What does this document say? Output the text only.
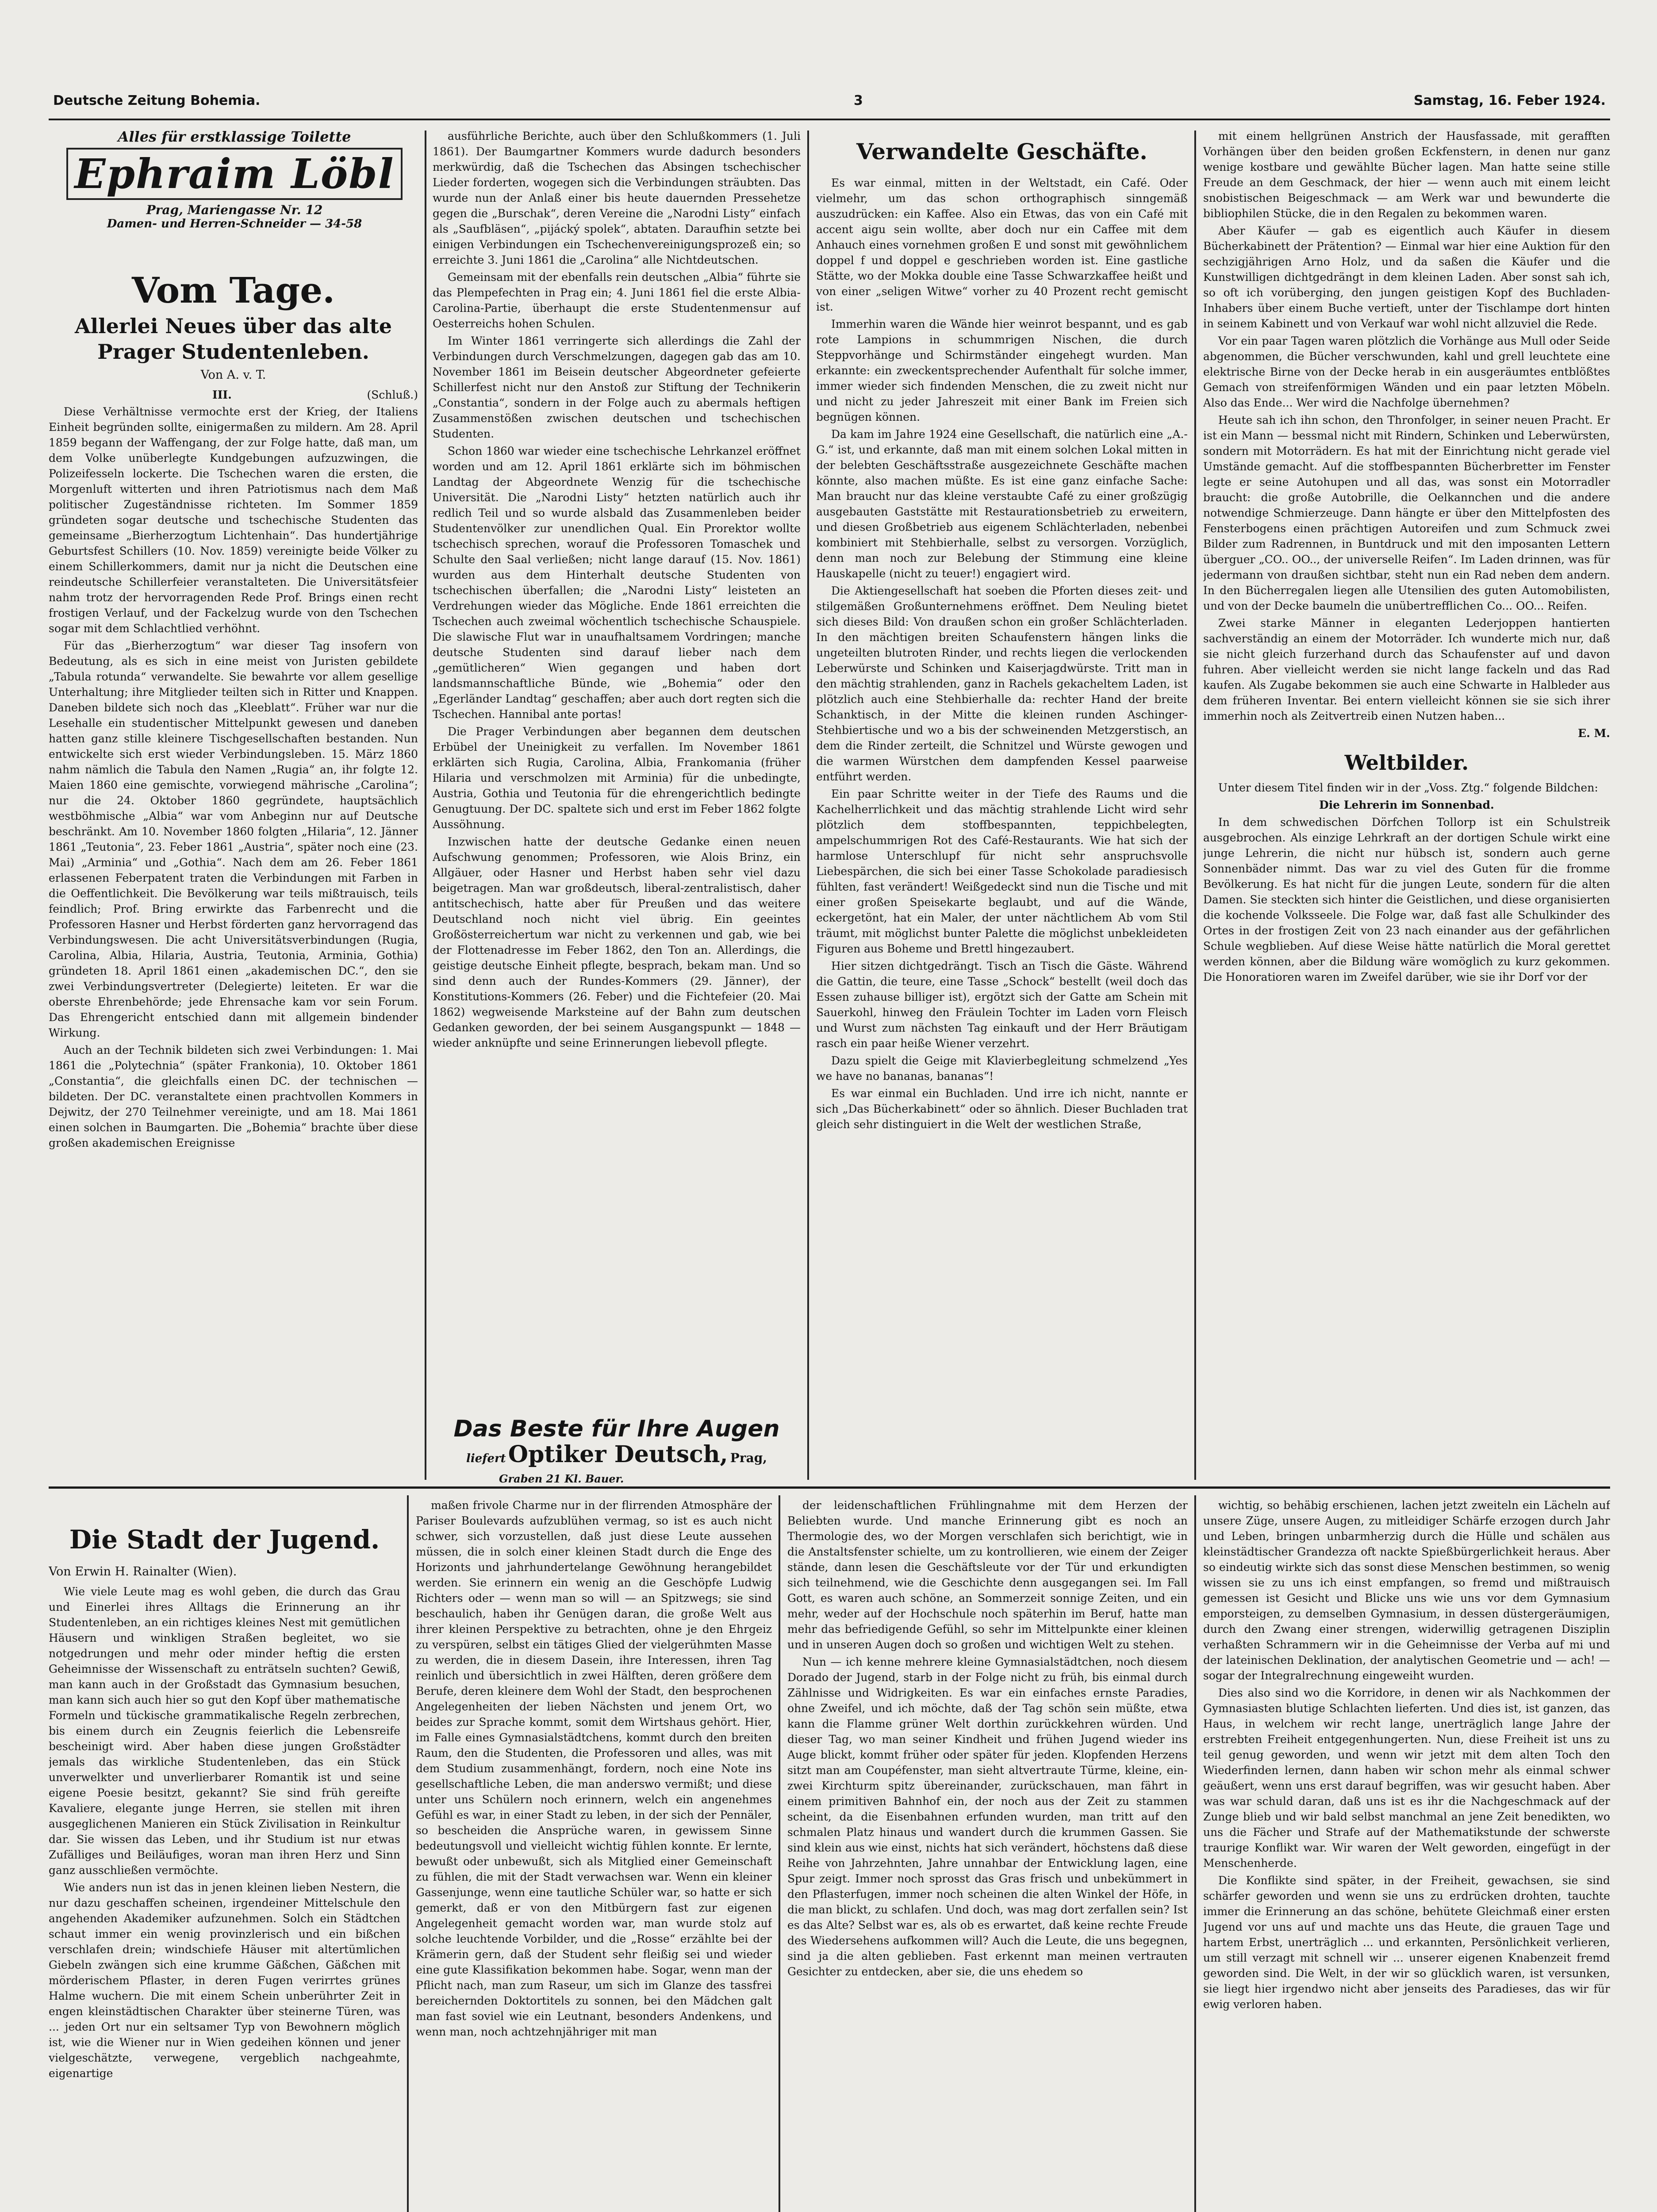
Deutsche Zeitung Bohemia.	3	Samstag, 16. Feber 1924.
Alles für erstklassige Toilette
Ephraim Löbl
Prag, Mariengasse Nr. 12
Damen- und Herren-Schneider — 34-58
Vom Tage.
Allerlei Neues über das alte Prager Studentenleben.
Von A. v. T.
III.	(Schluß.)

Diese Verhältnisse vermochte erst der Krieg, der Italiens Einheit begründen sollte, einigermaßen zu mildern. Am 28. April 1859 begann der Waffengang, der zur Folge hatte, daß man, um dem Volke unüberlegte Kundgebungen aufzuzwingen, die Polizeifesseln lockerte. Die Tschechen waren die ersten, die Morgenluft witterten und ihren Patriotismus nach dem Maß politischer Zugeständnisse richteten. Im Sommer 1859 gründeten sogar deutsche und tschechische Studenten das gemeinsame „Bierherzogtum Lichtenhain“. Das hundertjährige Geburtsfest Schillers (10. Nov. 1859) vereinigte beide Völker zu einem Schillerkommers, damit nur ja nicht die Deutschen eine reindeutsche Schillerfeier veranstalteten. Die Universitätsfeier nahm trotz der hervorragenden Rede Prof. Brings einen recht frostigen Verlauf, und der Fackelzug wurde von den Tschechen sogar mit dem Schlachtlied verhöhnt.

Für das „Bierherzogtum“ war dieser Tag insofern von Bedeutung, als es sich in eine meist von Juristen gebildete „Tabula rotunda“ verwandelte. Sie bewahrte vor allem gesellige Unterhaltung; ihre Mitglieder teilten sich in Ritter und Knappen. Daneben bildete sich noch das „Kleeblatt“. Früher war nur die Lesehalle ein studentischer Mittelpunkt gewesen und daneben hatten ganz stille kleinere Tischgesellschaften bestanden. Nun entwickelte sich erst wieder Verbindungsleben. 15. März 1860 nahm nämlich die Tabula den Namen „Rugia“ an, ihr folgte 12. Maien 1860 eine gemischte, vorwiegend mährische „Carolina“; nur die 24. Oktober 1860 gegründete, hauptsächlich westböhmische „Albia“ war vom Anbeginn nur auf Deutsche beschränkt. Am 10. November 1860 folgten „Hilaria“, 12. Jänner 1861 „Teutonia“, 23. Feber 1861 „Austria“, später noch eine (23. Mai) „Arminia“ und „Gothia“. Nach dem am 26. Feber 1861 erlassenen Feberpatent traten die Verbindungen mit Farben in die Oeffentlichkeit. Die Bevölkerung war teils mißtrauisch, teils feindlich; Prof. Bring erwirkte das Farbenrecht und die Professoren Hasner und Herbst förderten ganz hervorragend das Verbindungswesen. Die acht Universitätsverbindungen (Rugia, Carolina, Albia, Hilaria, Austria, Teutonia, Arminia, Gothia) gründeten 18. April 1861 einen „akademischen DC.“, den sie zwei Verbindungsvertreter (Delegierte) leiteten. Er war die oberste Ehrenbehörde; jede Ehrensache kam vor sein Forum. Das Ehrengericht entschied dann mit allgemein bindender Wirkung.

Auch an der Technik bildeten sich zwei Verbindungen: 1. Mai 1861 die „Polytechnia“ (später Frankonia), 10. Oktober 1861 „Constantia“, die gleichfalls einen DC. der technischen — bildeten. Der DC. veranstaltete einen prachtvollen Kommers in Dejwitz, der 270 Teilnehmer vereinigte, und am 18. Mai 1861 einen solchen in Baumgarten. Die „Bohemia“ brachte über diese großen akademischen Ereignisse

ausführliche Berichte, auch über den Schlußkommers (1. Juli 1861). Der Baumgartner Kommers wurde dadurch besonders merkwürdig, daß die Tschechen das Absingen tschechischer Lieder forderten, wogegen sich die Verbindungen sträubten. Das wurde nun der Anlaß einer bis heute dauernden Pressehetze gegen die „Burschak“, deren Vereine die „Narodni Listy“ einfach als „Saufbläsen“, „pijácký spolek“, abtaten. Daraufhin setzte bei einigen Verbindungen ein Tschechenvereinigungsprozeß ein; so erreichte 3. Juni 1861 die „Carolina“ alle Nichtdeutschen.

Gemeinsam mit der ebenfalls rein deutschen „Albia“ führte sie das Plempefechten in Prag ein; 4. Juni 1861 fiel die erste Albia-Carolina-Partie, überhaupt die erste Studentenmensur auf Oesterreichs hohen Schulen.

Im Winter 1861 verringerte sich allerdings die Zahl der Verbindungen durch Verschmelzungen, dagegen gab das am 10. November 1861 im Beisein deutscher Abgeordneter gefeierte Schillerfest nicht nur den Anstoß zur Stiftung der Technikerin „Constantia“, sondern in der Folge auch zu abermals heftigen Zusammenstößen zwischen deutschen und tschechischen Studenten.

Schon 1860 war wieder eine tschechische Lehrkanzel eröffnet worden und am 12. April 1861 erklärte sich im böhmischen Landtag der Abgeordnete Wenzig für die tschechische Universität. Die „Narodni Listy“ hetzten natürlich auch ihr redlich Teil und so wurde alsbald das Zusammenleben beider Studentenvölker zur unendlichen Qual. Ein Prorektor wollte tschechisch sprechen, worauf die Professoren Tomaschek und Schulte den Saal verließen; nicht lange darauf (15. Nov. 1861) wurden aus dem Hinterhalt deutsche Studenten von tschechischen überfallen; die „Narodni Listy“ leisteten an Verdrehungen wieder das Mögliche. Ende 1861 erreichten die Tschechen auch zweimal wöchentlich tschechische Schauspiele. Die slawische Flut war in unaufhaltsamem Vordringen; manche deutsche Studenten sind darauf lieber nach dem „gemütlicheren“ Wien gegangen und haben dort landsmannschaftliche Bünde, wie „Bohemia“ oder den „Egerländer Landtag“ geschaffen; aber auch dort regten sich die Tschechen. Hannibal ante portas!

Die Prager Verbindungen aber begannen dem deutschen Erbübel der Uneinigkeit zu verfallen. Im November 1861 erklärten sich Rugia, Carolina, Albia, Frankomania (früher Hilaria und verschmolzen mit Arminia) für die unbedingte, Austria, Gothia und Teutonia für die ehrengerichtlich bedingte Genugtuung. Der DC. spaltete sich und erst im Feber 1862 folgte Aussöhnung.

Inzwischen hatte der deutsche Gedanke einen neuen Aufschwung genommen; Professoren, wie Alois Brinz, ein Allgäuer, oder Hasner und Herbst haben sehr viel dazu beigetragen. Man war großdeutsch, liberal-zentralistisch, daher antitschechisch, hatte aber für Preußen und das weitere Deutschland noch nicht viel übrig. Ein geeintes Großösterreichertum war nicht zu verkennen und gab, wie bei der Flottenadresse im Feber 1862, den Ton an. Allerdings, die geistige deutsche Einheit pflegte, besprach, bekam man. Und so sind denn auch der Rundes-Kommers (29. Jänner), der Konstitutions-Kommers (26. Feber) und die Fichtefeier (20. Mai 1862) wegweisende Marksteine auf der Bahn zum deutschen Gedanken geworden, der bei seinem Ausgangspunkt — 1848 — wieder anknüpfte und seine Erinnerungen liebevoll pflegte.

Das Beste für Ihre Augen
liefert Optiker Deutsch, Prag,
Graben 21 Kl. Bauer.
Verwandelte Geschäfte.

Es war einmal, mitten in der Weltstadt, ein Café. Oder vielmehr, um das schon orthographisch sinngemäß auszudrücken: ein Kaffee. Also ein Etwas, das von ein Café mit accent aigu sein wollte, aber doch nur ein Caffee mit dem Anhauch eines vornehmen großen E und sonst mit gewöhnlichem doppel f und doppel e geschrieben worden ist. Eine gastliche Stätte, wo der Mokka double eine Tasse Schwarzkaffee heißt und von einer „seligen Witwe“ vorher zu 40 Prozent recht gemischt ist.

Immerhin waren die Wände hier weinrot bespannt, und es gab rote Lampions in schummrigen Nischen, die durch Steppvorhänge und Schirmständer eingehegt wurden. Man erkannte: ein zweckentsprechender Aufenthalt für solche immer, immer wieder sich findenden Menschen, die zu zweit nicht nur und nicht zu jeder Jahreszeit mit einer Bank im Freien sich begnügen können.

Da kam im Jahre 1924 eine Gesellschaft, die natürlich eine „A.-G.“ ist, und erkannte, daß man mit einem solchen Lokal mitten in der belebten Geschäftsstraße ausgezeichnete Geschäfte machen könnte, also machen müßte. Es ist eine ganz einfache Sache: Man braucht nur das kleine verstaubte Café zu einer großzügig ausgebauten Gaststätte mit Restaurationsbetrieb zu erweitern, und diesen Großbetrieb aus eigenem Schlächterladen, nebenbei kombiniert mit Stehbierhalle, selbst zu versorgen. Vorzüglich, denn man noch zur Belebung der Stimmung eine kleine Hauskapelle (nicht zu teuer!) engagiert wird.

Die Aktiengesellschaft hat soeben die Pforten dieses zeit- und stilgemäßen Großunternehmens eröffnet. Dem Neuling bietet sich dieses Bild: Von draußen schon ein großer Schlächterladen. In den mächtigen breiten Schaufenstern hängen links die ungeteilten blutroten Rinder, und rechts liegen die verlockenden Leberwürste und Schinken und Kaiserjagdwürste. Tritt man in den mächtig strahlenden, ganz in Rachels gekacheltem Laden, ist plötzlich auch eine Stehbierhalle da: rechter Hand der breite Schanktisch, in der Mitte die kleinen runden Aschinger-Stehbiertische und wo a bis der schweinenden Metzgerstisch, an dem die Rinder zerteilt, die Schnitzel und Würste gewogen und die warmen Würstchen dem dampfenden Kessel paarweise entführt werden.

Ein paar Schritte weiter in der Tiefe des Raums und die Kachelherrlichkeit und das mächtig strahlende Licht wird sehr plötzlich dem stoffbespannten, teppichbelegten, ampelschummrigen Rot des Café-Restaurants. Wie hat sich der harmlose Unterschlupf für nicht sehr anspruchsvolle Liebespärchen, die sich bei einer Tasse Schokolade paradiesisch fühlten, fast verändert! Weißgedeckt sind nun die Tische und mit einer großen Speisekarte beglaubt, und auf die Wände, eckergetönt, hat ein Maler, der unter nächtlichem Ab vom Stil träumt, mit möglichst bunter Palette die möglichst unbekleideten Figuren aus Boheme und Brettl hingezaubert.

Hier sitzen dichtgedrängt. Tisch an Tisch die Gäste. Während die Gattin, die teure, eine Tasse „Schock“ bestellt (weil doch das Essen zuhause billiger ist), ergötzt sich der Gatte am Schein mit Sauerkohl, hinweg den Fräulein Tochter im Laden vorn Fleisch und Wurst zum nächsten Tag einkauft und der Herr Bräutigam rasch ein paar heiße Wiener verzehrt.

Dazu spielt die Geige mit Klavierbegleitung schmelzend „Yes we have no bananas, bananas“!

Es war einmal ein Buchladen. Und irre ich nicht, nannte er sich „Das Bücherkabinett“ oder so ähnlich. Dieser Buchladen trat gleich sehr distinguiert in die Welt der westlichen Straße,

mit einem hellgrünen Anstrich der Hausfassade, mit gerafften Vorhängen über den beiden großen Eckfenstern, in denen nur ganz wenige kostbare und gewählte Bücher lagen. Man hatte seine stille Freude an dem Geschmack, der hier — wenn auch mit einem leicht snobistischen Beigeschmack — am Werk war und bewunderte die bibliophilen Stücke, die in den Regalen zu bekommen waren.

Aber Käufer — gab es eigentlich auch Käufer in diesem Bücherkabinett der Prätention? — Einmal war hier eine Auktion für den sechzigjährigen Arno Holz, und da saßen die Käufer und die Kunstwilligen dichtgedrängt in dem kleinen Laden. Aber sonst sah ich, so oft ich vorüberging, den jungen geistigen Kopf des Buchladen-Inhabers über einem Buche vertieft, unter der Tischlampe dort hinten in seinem Kabinett und von Verkauf war wohl nicht allzuviel die Rede.

Vor ein paar Tagen waren plötzlich die Vorhänge aus Mull oder Seide abgenommen, die Bücher verschwunden, kahl und grell leuchtete eine elektrische Birne von der Decke herab in ein ausgeräumtes entblößtes Gemach von streifenförmigen Wänden und ein paar letzten Möbeln. Also das Ende... Wer wird die Nachfolge übernehmen?

Heute sah ich ihn schon, den Thronfolger, in seiner neuen Pracht. Er ist ein Mann — bessmal nicht mit Rindern, Schinken und Leberwürsten, sondern mit Motorrädern. Es hat mit der Einrichtung nicht gerade viel Umstände gemacht. Auf die stoffbespannten Bücherbretter im Fenster legte er seine Autohupen und all das, was sonst ein Motorradler braucht: die große Autobrille, die Oelkannchen und die andere notwendige Schmierzeuge. Dann hängte er über den Mittelpfosten des Fensterbogens einen prächtigen Autoreifen und zum Schmuck zwei Bilder zum Radrennen, in Buntdruck und mit den imposanten Lettern überguer „CO.. OO.., der universelle Reifen“. Im Laden drinnen, was für jedermann von draußen sichtbar, steht nun ein Rad neben dem andern. In den Bücherregalen liegen alle Utensilien des guten Automobilisten, und von der Decke baumeln die unübertrefflichen Co... OO... Reifen.

Zwei starke Männer in eleganten Lederjoppen hantierten sachverständig an einem der Motorräder. Ich wunderte mich nur, daß sie nicht gleich furzerhand durch das Schaufenster auf und davon fuhren. Aber vielleicht werden sie nicht lange fackeln und das Rad kaufen. Als Zugabe bekommen sie auch eine Schwarte in Halbleder aus dem früheren Inventar. Bei entern vielleicht können sie sie sich ihrer immerhin noch als Zeitvertreib einen Nutzen haben...

E. M.

Weltbilder.

Unter diesem Titel finden wir in der „Voss. Ztg.“ folgende Bildchen:

Die Lehrerin im Sonnenbad.

In dem schwedischen Dörfchen Tollorp ist ein Schulstreik ausgebrochen. Als einzige Lehrkraft an der dortigen Schule wirkt eine junge Lehrerin, die nicht nur hübsch ist, sondern auch gerne Sonnenbäder nimmt. Das war zu viel des Guten für die fromme Bevölkerung. Es hat nicht für die jungen Leute, sondern für die alten Damen. Sie steckten sich hinter die Geistlichen, und diese organisierten die kochende Volksseele. Die Folge war, daß fast alle Schulkinder des Ortes in der frostigen Zeit von 23 nach einander aus der gefährlichen Schule wegblieben. Auf diese Weise hätte natürlich die Moral gerettet werden können, aber die Bildung wäre womöglich zu kurz gekommen. Die Honoratioren waren im Zweifel darüber, wie sie ihr Dorf vor der

Die Stadt der Jugend.
Von Erwin H. Rainalter (Wien).

Wie viele Leute mag es wohl geben, die durch das Grau und Einerlei ihres Alltags die Erinnerung an ihr Studentenleben, an ein richtiges kleines Nest mit gemütlichen Häusern und winkligen Straßen begleitet, wo sie notgedrungen und mehr oder minder heftig die ersten Geheimnisse der Wissenschaft zu enträtseln suchten? Gewiß, man kann auch in der Großstadt das Gymnasium besuchen, man kann sich auch hier so gut den Kopf über mathematische Formeln und tückische grammatikalische Regeln zerbrechen, bis einem durch ein Zeugnis feierlich die Lebensreife bescheinigt wird. Aber haben diese jungen Großstädter jemals das wirkliche Studentenleben, das ein Stück unverwelkter und unverlierbarer Romantik ist und seine eigene Poesie besitzt, gekannt? Sie sind früh gereifte Kavaliere, elegante junge Herren, sie stellen mit ihren ausgeglichenen Manieren ein Stück Zivilisation in Reinkultur dar. Sie wissen das Leben, und ihr Studium ist nur etwas Zufälliges und Beiläufiges, woran man ihren Herz und Sinn ganz ausschließen vermöchte.

Wie anders nun ist das in jenen kleinen lieben Nestern, die nur dazu geschaffen scheinen, irgendeiner Mittelschule den angehenden Akademiker aufzunehmen. Solch ein Städtchen schaut immer ein wenig provinzlerisch und ein bißchen verschlafen drein; windschiefe Häuser mit altertümlichen Giebeln zwängen sich eine krumme Gäßchen, Gäßchen mit mörderischem Pflaster, in deren Fugen verirrtes grünes Halme wuchern. Die mit einem Schein unberührter Zeit in engen kleinstädtischen Charakter über steinerne Türen, was ... jeden Ort nur ein seltsamer Typ von Bewohnern möglich ist, wie die Wiener nur in Wien gedeihen können und jener vielgeschätzte, verwegene, vergeblich nachgeahmte, eigenartige

maßen frivole Charme nur in der flirrenden Atmosphäre der Pariser Boulevards aufzublühen vermag, so ist es auch nicht schwer, sich vorzustellen, daß just diese Leute aussehen müssen, die in solch einer kleinen Stadt durch die Enge des Horizonts und jahrhundertelange Gewöhnung herangebildet werden. Sie erinnern ein wenig an die Geschöpfe Ludwig Richters oder — wenn man so will — an Spitzwegs; sie sind beschaulich, haben ihr Genügen daran, die große Welt aus ihrer kleinen Perspektive zu betrachten, ohne je den Ehrgeiz zu verspüren, selbst ein tätiges Glied der vielgerühmten Masse zu werden, die in diesem Dasein, ihre Interessen, ihren Tag reinlich und übersichtlich in zwei Hälften, deren größere dem Berufe, deren kleinere dem Wohl der Stadt, den besprochenen Angelegenheiten der lieben Nächsten und jenem Ort, wo beides zur Sprache kommt, somit dem Wirtshaus gehört. Hier, im Falle eines Gymnasialstädtchens, kommt durch den breiten Raum, den die Studenten, die Professoren und alles, was mit dem Studium zusammenhängt, fordern, noch eine Note ins gesellschaftliche Leben, die man anderswo vermißt; und diese unter uns Schülern noch erinnern, welch ein angenehmes Gefühl es war, in einer Stadt zu leben, in der sich der Pennäler, so bescheiden die Ansprüche waren, in gewissem Sinne bedeutungsvoll und vielleicht wichtig fühlen konnte. Er lernte, bewußt oder unbewußt, sich als Mitglied einer Gemeinschaft zu fühlen, die mit der Stadt verwachsen war. Wenn ein kleiner Gassenjunge, wenn eine tautliche Schüler war, so hatte er sich gemerkt, daß er von den Mitbürgern fast zur eigenen Angelegenheit gemacht worden war, man wurde stolz auf solche leuchtende Vorbilder, und die „Rosse“ erzählte bei der Krämerin gern, daß der Student sehr fleißig sei und wieder eine gute Klassifikation bekommen habe. Sogar, wenn man der Pflicht nach, man zum Raseur, um sich im Glanze des tassfrei bereichernden Doktortitels zu sonnen, bei den Mädchen galt man fast soviel wie ein Leutnant, besonders Andenkens, und wenn man, noch achtzehnjähriger mit man

der leidenschaftlichen Frühlingnahme mit dem Herzen der Beliebten wurde. Und manche Erinnerung gibt es noch an Thermologie des, wo der Morgen verschlafen sich berichtigt, wie in die Anstaltsfenster schielte, um zu kontrollieren, wie einem der Zeiger stände, dann lesen die Geschäftsleute vor der Tür und erkundigten sich teilnehmend, wie die Geschichte denn ausgegangen sei. Im Fall Gott, es waren auch schöne, an Sommerzeit sonnige Zeiten, und ein mehr, weder auf der Hochschule noch späterhin im Beruf, hatte man mehr das befriedigende Gefühl, so sehr im Mittelpunkte einer kleinen und in unseren Augen doch so großen und wichtigen Welt zu stehen.

Nun — ich kenne mehrere kleine Gymnasialstädtchen, noch diesem Dorado der Jugend, starb in der Folge nicht zu früh, bis einmal durch Zählnisse und Widrigkeiten. Es war ein einfaches ernste Paradies, ohne Zweifel, und ich möchte, daß der Tag schön sein müßte, etwa kann die Flamme grüner Welt dorthin zurückkehren würden. Und dieser Tag, wo man seiner Kindheit und frühen Jugend wieder ins Auge blickt, kommt früher oder später für jeden. Klopfenden Herzens sitzt man am Coupéfenster, man sieht altvertraute Türme, kleine, ein-zwei Kirchturm spitz übereinander, zurückschauen, man fährt in einem primitiven Bahnhof ein, der noch aus der Zeit zu stammen scheint, da die Eisenbahnen erfunden wurden, man tritt auf den schmalen Platz hinaus und wandert durch die krummen Gassen. Sie sind klein aus wie einst, nichts hat sich verändert, höchstens daß diese Reihe von Jahrzehnten, Jahre unnahbar der Entwicklung lagen, eine Spur zeigt. Immer noch sprosst das Gras frisch und unbekümmert in den Pflasterfugen, immer noch scheinen die alten Winkel der Höfe, in die man blickt, zu schlafen. Und doch, was mag dort zerfallen sein? Ist es das Alte? Selbst war es, als ob es erwartet, daß keine rechte Freude des Wiedersehens aufkommen will? Auch die Leute, die uns begegnen, sind ja die alten geblieben. Fast erkennt man meinen vertrauten Gesichter zu entdecken, aber sie, die uns ehedem so

wichtig, so behäbig erschienen, lachen jetzt zweiteln ein Lächeln auf unsere Züge, unsere Augen, zu mitleidiger Schärfe erzogen durch Jahr und Leben, bringen unbarmherzig durch die Hülle und schälen aus kleinstädtischer Grandezza oft nackte Spießbürgerlichkeit heraus. Aber so eindeutig wirkte sich das sonst diese Menschen bestimmen, so wenig wissen sie zu uns ich einst empfangen, so fremd und mißtrauisch gemessen ist Gesicht und Blicke uns wie uns vor dem Gymnasium emporsteigen, zu demselben Gymnasium, in dessen düstergeräumigen, durch den Zwang einer strengen, widerwillig getragenen Disziplin verhaßten Schrammern wir in die Geheimnisse der Verba auf mi und der lateinischen Deklination, der analytischen Geometrie und — ach! — sogar der Integralrechnung eingeweiht wurden.

Dies also sind wo die Korridore, in denen wir als Nachkommen der Gymnasiasten blutige Schlachten lieferten. Und dies ist, ist ganzen, das Haus, in welchem wir recht lange, unerträglich lange Jahre der erstrebten Freiheit entgegenhungerten. Nun, diese Freiheit ist uns zu teil genug geworden, und wenn wir jetzt mit dem alten Toch den Wiederfinden lernen, dann haben wir schon mehr als einmal schwer geäußert, wenn uns erst darauf begriffen, was wir gesucht haben. Aber was war schuld daran, daß uns ist es ihr die Nachgeschmack auf der Zunge blieb und wir bald selbst manchmal an jene Zeit benedikten, wo uns die Fächer und Strafe auf der Mathematikstunde der schwerste traurige Konflikt war. Wir waren der Welt geworden, eingefügt in der Menschenherde.

Die Konflikte sind später, in der Freiheit, gewachsen, sie sind schärfer geworden und wenn sie uns zu erdrücken drohten, tauchte immer die Erinnerung an das schöne, behütete Gleichmaß einer ersten Jugend vor uns auf und machte uns das Heute, die grauen Tage und hartem Erbst, unerträglich ... und erkannten, Persönlichkeit verlieren, um still verzagt mit schnell wir ... unserer eigenen Knabenzeit fremd geworden sind. Die Welt, in der wir so glücklich waren, ist versunken, sie liegt hier irgendwo nicht aber jenseits des Paradieses, das wir für ewig verloren haben.
